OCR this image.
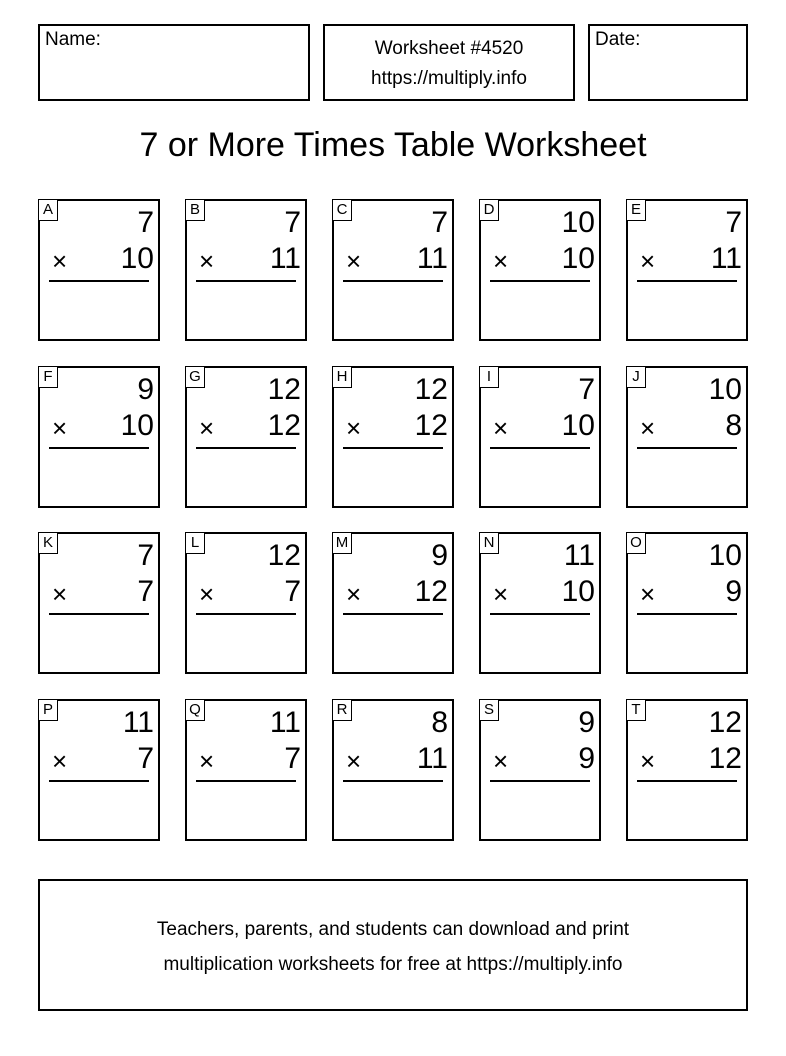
Name:	Worksheet #4520
https://multiply.info
Date:
7 or More Times Table Worksheet
A	7
× 10
B	7
× 11
C	7
× 11
D 10
× 10
E	7
× 11
F	9
× 10
G 12
× 12
H 12
× 12
I	7
× 10
J 10
× 8
K	7
× 7
L 12
× 7
M	9
× 12
N 11
× 10
O 10
× 9
P 11
× 7
Q 11
× 7
R	8
× 11
S	9
× 9
T 12
× 12
Teachers, parents, and students can download and print
multiplication worksheets for free at https://multiply.info
